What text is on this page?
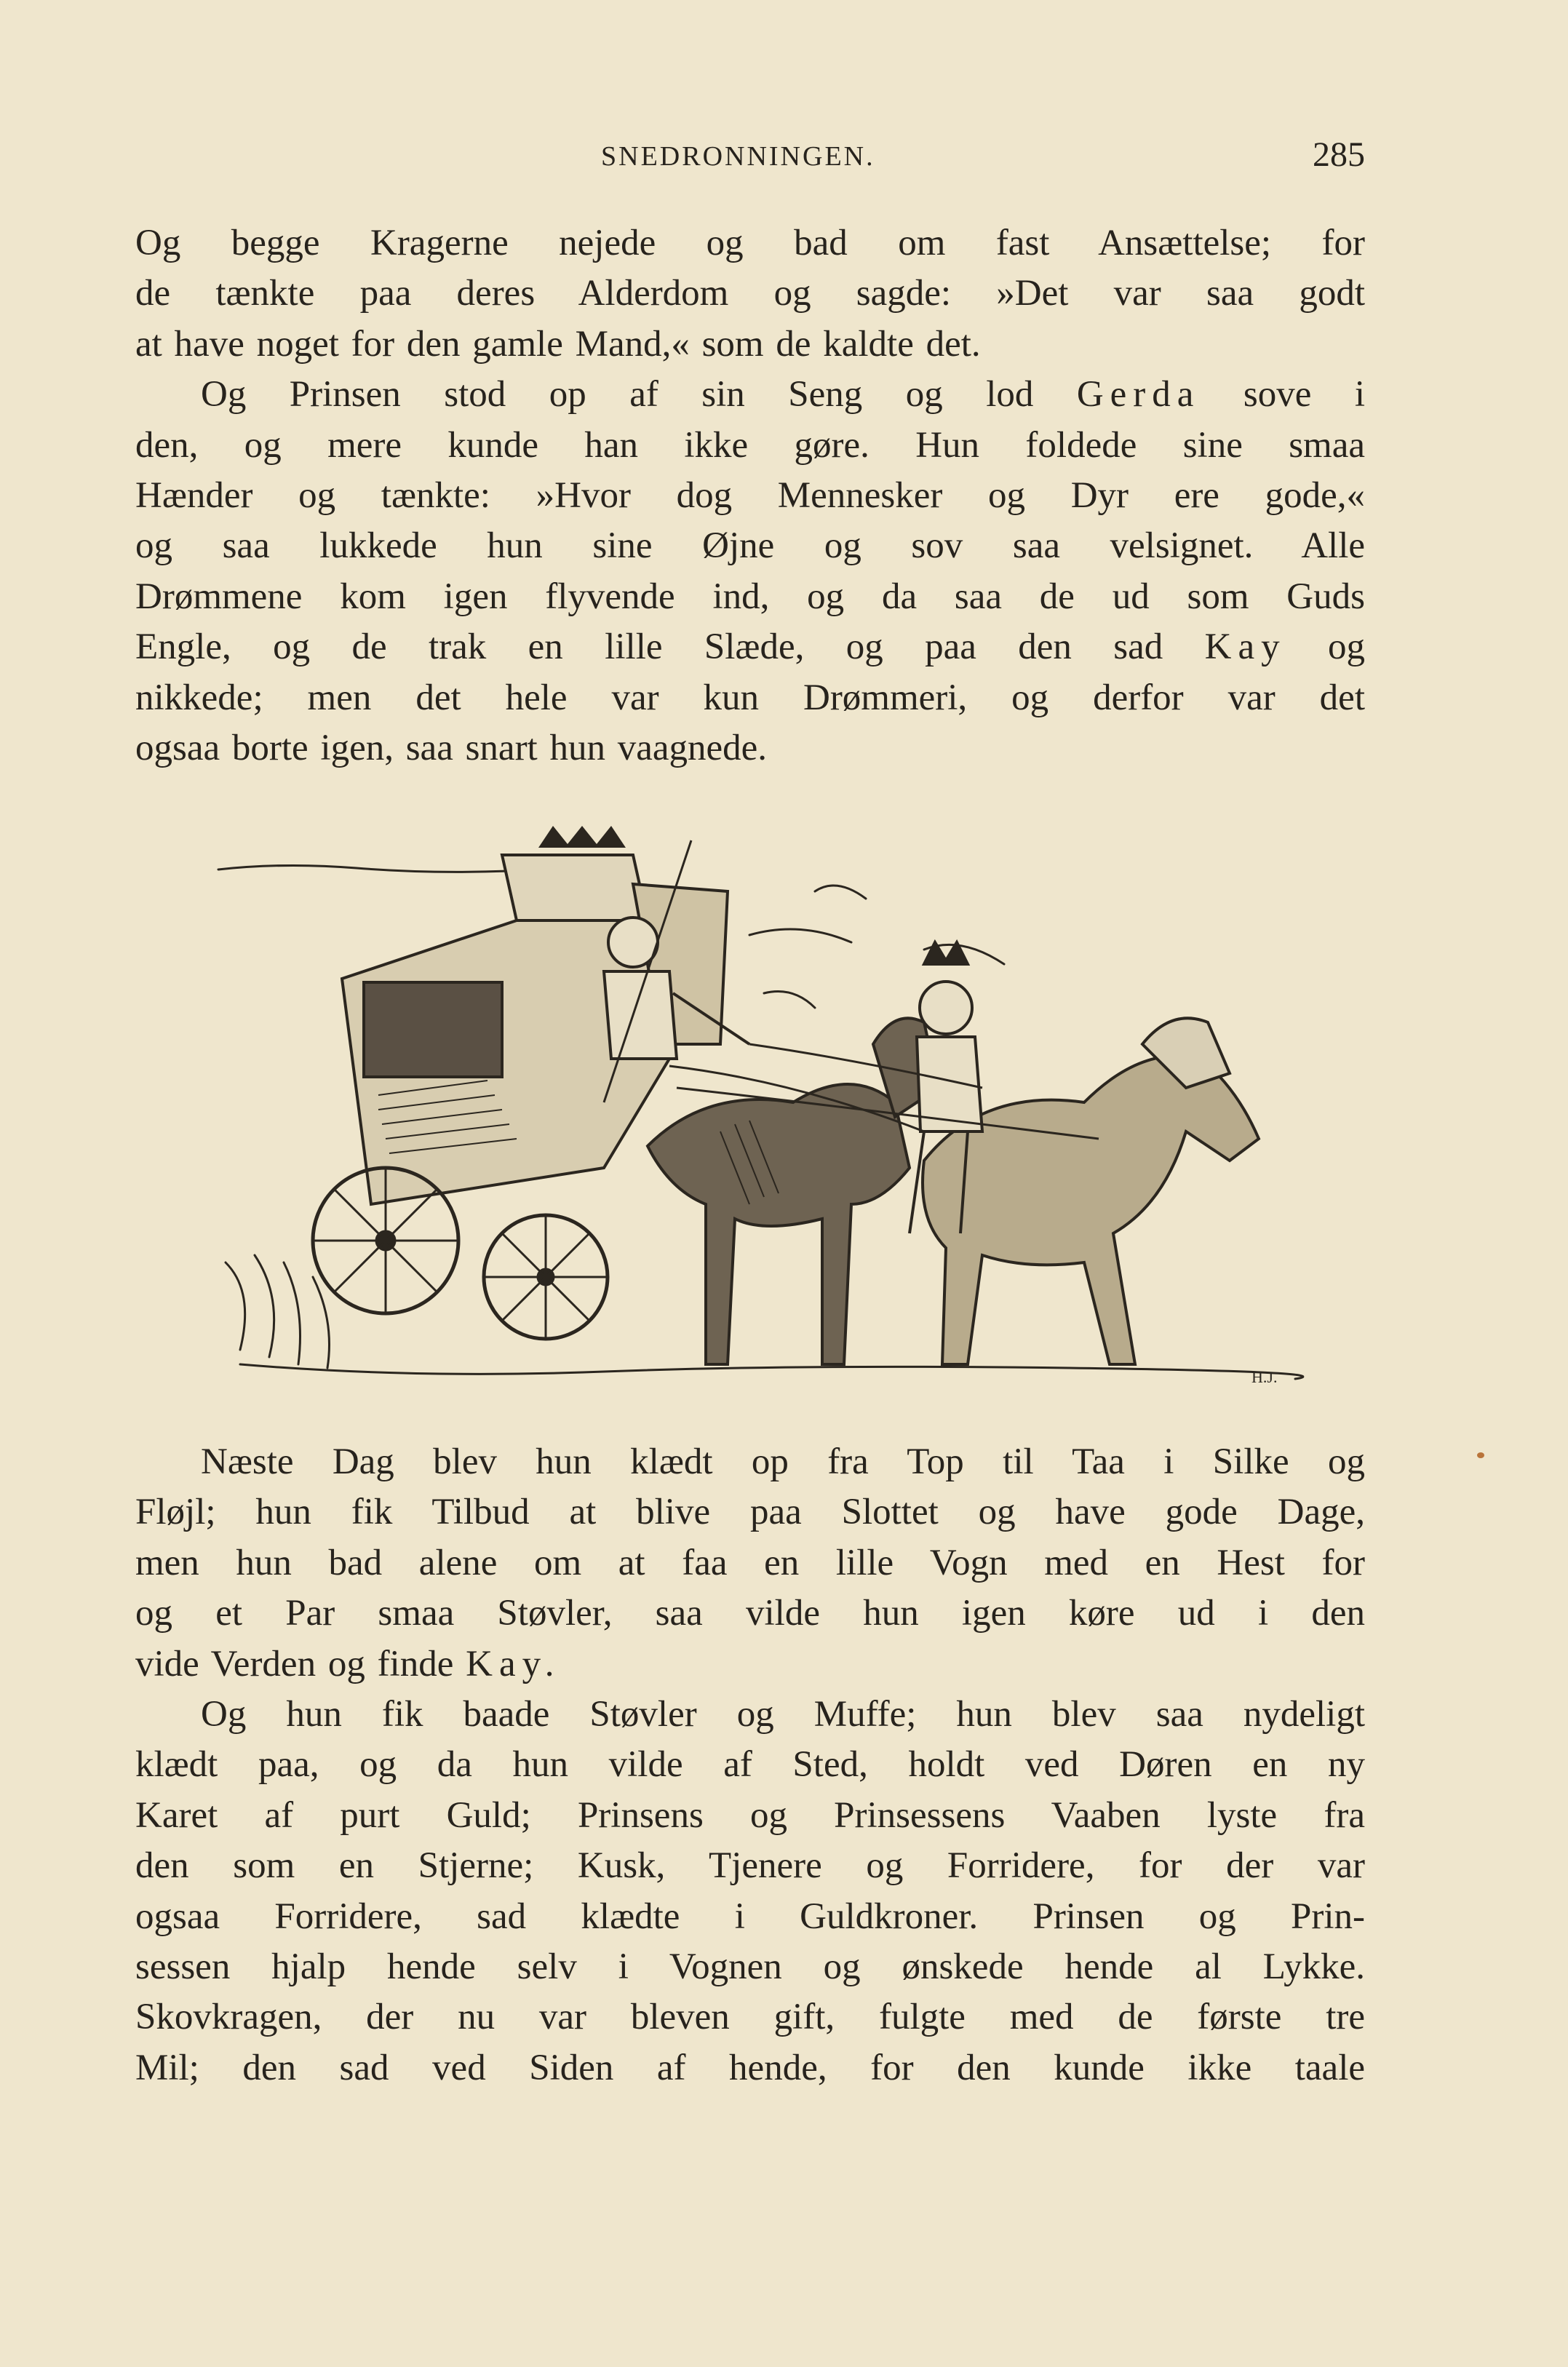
SNEDRONNINGEN.	285
Og begge Kragerne nejede og bad om fast Ansættelse; for
de tænkte paa deres Alderdom og sagde: »Det var saa godt
at have noget for den gamle Mand,« som de kaldte det.
Og Prinsen stod op af sin Seng og lod Gerda sove i
den, og mere kunde han ikke gøre. Hun foldede sine smaa
Hænder og tænkte: »Hvor dog Mennesker og Dyr ere gode,«
og saa lukkede hun sine Øjne og sov saa velsignet. Alle
Drømmene kom igen flyvende ind, og da saa de ud som Guds
Engle, og de trak en lille Slæde, og paa den sad Kay og
nikkede; men det hele var kun Drømmeri, og derfor var det
ogsaa borte igen, saa snart hun vaagnede.
H.J.
Næste Dag blev hun klædt op fra Top til Taa i Silke og
Fløjl; hun fik Tilbud at blive paa Slottet og have gode Dage,
men hun bad alene om at faa en lille Vogn med en Hest for
og et Par smaa Støvler, saa vilde hun igen køre ud i den
vide Verden og finde Kay.
Og hun fik baade Støvler og Muffe; hun blev saa nydeligt
klædt paa, og da hun vilde af Sted, holdt ved Døren en ny
Karet af purt Guld; Prinsens og Prinsessens Vaaben lyste fra
den som en Stjerne; Kusk, Tjenere og Forridere, for der var
ogsaa Forridere, sad klædte i Guldkroner. Prinsen og Prin-
sessen hjalp hende selv i Vognen og ønskede hende al Lykke.
Skovkragen, der nu var bleven gift, fulgte med de første tre
Mil; den sad ved Siden af hende, for den kunde ikke taale
